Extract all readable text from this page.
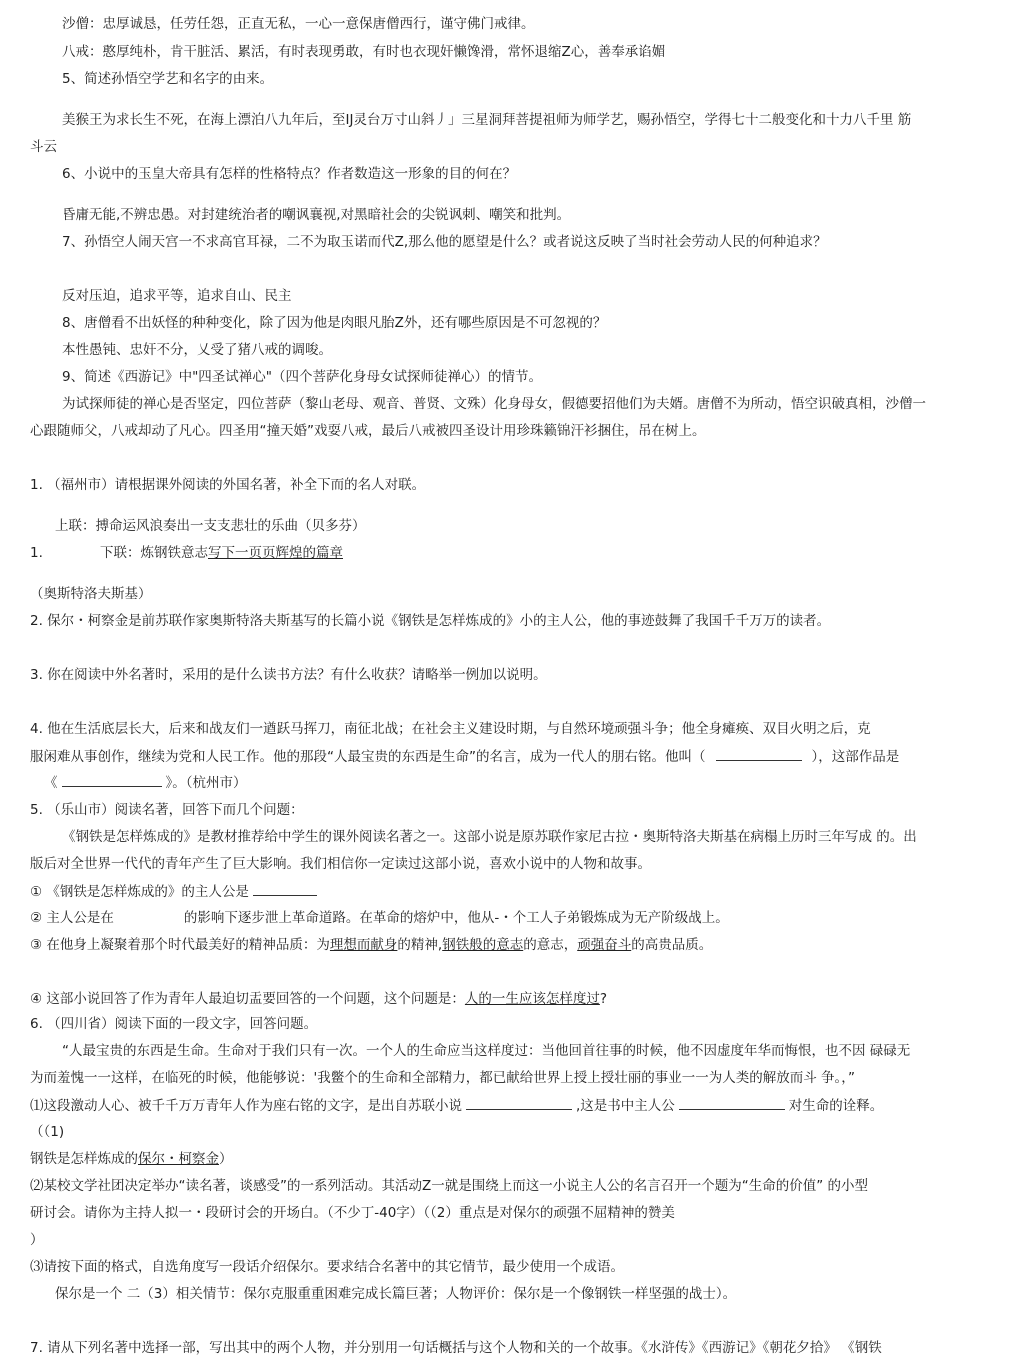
沙僧：忠厚诚恳，任劳任怨，正直无私，一心一意保唐僧西行，谨守佛门戒律。
八戒：憨厚纯朴，肯干脏活、累活，有时表现勇敢，有时也衣现奸懒馋滑，常怀退缩Z心，善奉承谄媚
5、简述孙悟空学艺和名字的由来。
美猴王为求长生不死，在海上漂泊八九年后，至IJ灵台万寸山斜丿」三星洞拜菩提祖师为师学艺，赐孙悟空，学得七十二般变化和十力八千里 筋
斗云
6、小说中的玉皇大帝具有怎样的性格特点？作者数造这一形象的目的何在？
昏庸无能,不辨忠愚。对封建统治者的嘲讽襄视,对黑暗社会的尖锐讽刺、嘲笑和批判。
7、孙悟空人闹天宫一不求高官耳禄，二不为取玉诺而代Z,那么他的愿望是什么？或者说这反映了当时社会劳动人民的何种追求？
反对压迫，追求平等，追求自山、民主
8、唐僧看不出妖怪的种种变化，除了因为他是肉眼凡胎Z外，还有哪些原因是不可忽视的？
本性愚钝、忠奸不分，乂受了猪八戒的调唆。
9、简述《西游记》中"四圣试禅心"（四个菩萨化身母女试探师徒禅心）的情节。
为试探师徒的禅心是否坚定，四位菩萨（黎山老母、观音、普贤、文殊）化身母女，假德要招他们为夫婿。唐僧不为所动，悟空识破真相，沙僧一
心跟随师父，八戒却动了凡心。四圣用“撞天婚”戏耍八戒，最后八戒被四圣设计用珍珠籁锦汗衫捆住，吊在树上。
1. （福州市）请根据课外阅读的外国名著，补全下而的名人对联。
上联：搏命运风浪奏出一支支悲壮的乐曲（贝多芬）
1.	下联：炼钢铁意志写下一页页辉煌的篇章
（奥斯特洛夫斯基）
2. 保尔・柯察金是前苏联作家奥斯特洛夫斯基写的长篇小说《钢铁是怎样炼成的》小的主人公，他的事迹鼓舞了我国千千万万的读者。
3. 你在阅读中外名著时，采用的是什么读书方法？有什么收获？请略举一例加以说明。
4. 他在生活底层长大，后来和战友们一遒跃马挥刀，南征北战；在社会主义建设时期，与自然环境顽强斗争；他全身瘫痪、双目火明之后，克
服闲难从事创作，继续为党和人民工作。他的那段“人最宝贵的东西是生命”的名言，成为一代人的朋右铭。他叫（	），这部作品是
《	》。（杭州市）
5. （乐山市）阅读名著，回答下而几个问题：
《钢铁是怎样炼成的》是教材推荐给中学生的课外阅读名著之一。这部小说是原苏联作家尼古拉・奥斯特洛夫斯基在病榻上历时三年写成 的。出
版后对全世界一代代的青年产生了巨大影响。我们相信你一定读过这部小说，喜欢小说中的人物和故事。
① 《钢铁是怎样炼成的》的主人公是
② 主人公是在	的影响下逐步泄上革命道路。在革命的熔炉中，他从-・个工人子弟锻炼成为无产阶级战上。
③ 在他身上凝聚着那个时代最美好的精神品质：为理想而献身的精神,钢铁般的意志的意志，顽强奋斗的高贵品质。
④ 这部小说回答了作为青年人最迫切盂要回答的一个问题，这个问题是：人的一生应该怎样度过?
6. （四川省）阅读下面的一段文字，回答问题。
“人最宝贵的东西是生命。生命对于我们只有一次。一个人的生命应当这样度过：当他回首往事的时候，他不因虚度年华而悔恨，也不因 碌碌无
为而羞愧一一这样，在临死的时候，他能够说：'我鳖个的生命和全部精力，都已献给世界上授上授壮丽的事业一一为人类的解放而斗 争。，”
⑴这段激动人心、被千千万万青年人作为座右铭的文字，是出自苏联小说	,这是书中主人公	对生命的诠释。
（（1)
钢铁是怎样炼成的保尔・柯察金）
⑵某校文学社团决定举办“读名著，谈感受”的一系列活动。其活动Z一就是围绕上而这一小说主人公的名言召开一个题为“生命的价值” 的小型
研讨会。请你为主持人拟一・段研讨会的开场白。（不少丁-40字）（（2）重点是对保尔的顽强不屈精神的赞美
）
⑶请按下面的格式，自选角度写一段话介绍保尔。要求结合名著中的其它情节，最少使用一个成语。
保尔是一个 二（3）相关情节：保尔克服重重困难完成长篇巨著；人物评价：保尔是一个像钢铁一样坚强的战士）。
7. 请从下列名著中选择一部，写出其中的两个人物，并分别用一句话概括与这个人物和关的一个故事。《水浒传》《西游记》《朝花夕拾》 《钢铁
